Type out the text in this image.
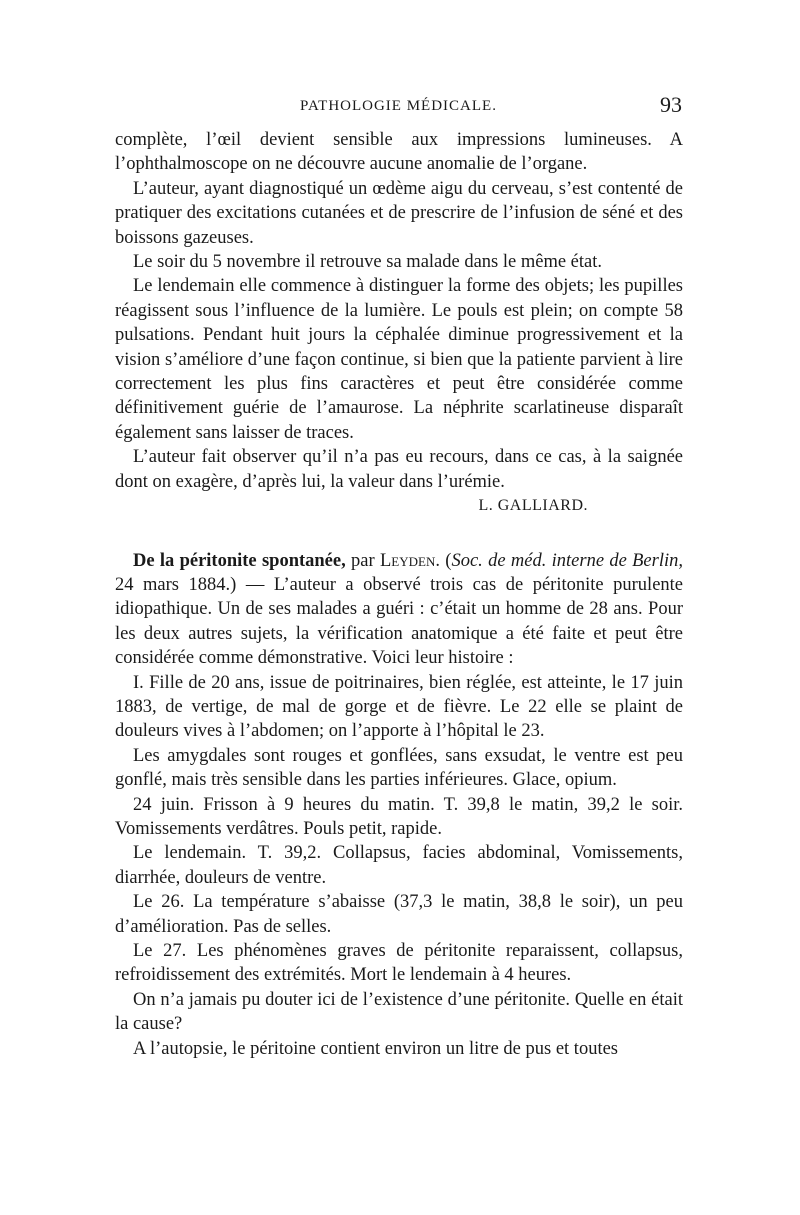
PATHOLOGIE MÉDICALE.	93

complète, l’œil devient sensible aux impressions lumineuses. A l’ophthalmoscope on ne découvre aucune anomalie de l’organe.

L’auteur, ayant diagnostiqué un œdème aigu du cerveau, s’est contenté de pratiquer des excitations cutanées et de prescrire de l’infusion de séné et des boissons gazeuses.

Le soir du 5 novembre il retrouve sa malade dans le même état.

Le lendemain elle commence à distinguer la forme des objets; les pupilles réagissent sous l’influence de la lumière. Le pouls est plein; on compte 58 pulsations. Pendant huit jours la céphalée diminue progressivement et la vision s’améliore d’une façon continue, si bien que la patiente parvient à lire correctement les plus fins caractères et peut être considérée comme définitivement guérie de l’amaurose. La néphrite scarlatineuse disparaît également sans laisser de traces.

L’auteur fait observer qu’il n’a pas eu recours, dans ce cas, à la saignée dont on exagère, d’après lui, la valeur dans l’urémie.

L. GALLIARD.

De la péritonite spontanée, par Leyden. (Soc. de méd. interne de Berlin, 24 mars 1884.) — L’auteur a observé trois cas de péritonite purulente idiopathique. Un de ses malades a guéri : c’était un homme de 28 ans. Pour les deux autres sujets, la vérification anatomique a été faite et peut être considérée comme démonstrative. Voici leur histoire :

I. Fille de 20 ans, issue de poitrinaires, bien réglée, est atteinte, le 17 juin 1883, de vertige, de mal de gorge et de fièvre. Le 22 elle se plaint de douleurs vives à l’abdomen; on l’apporte à l’hôpital le 23.

Les amygdales sont rouges et gonflées, sans exsudat, le ventre est peu gonflé, mais très sensible dans les parties inférieures. Glace, opium.

24 juin. Frisson à 9 heures du matin. T. 39,8 le matin, 39,2 le soir. Vomissements verdâtres. Pouls petit, rapide.

Le lendemain. T. 39,2. Collapsus, facies abdominal, Vomissements, diarrhée, douleurs de ventre.

Le 26. La température s’abaisse (37,3 le matin, 38,8 le soir), un peu d’amélioration. Pas de selles.

Le 27. Les phénomènes graves de péritonite reparaissent, collapsus, refroidissement des extrémités. Mort le lendemain à 4 heures.

On n’a jamais pu douter ici de l’existence d’une péritonite. Quelle en était la cause?

A l’autopsie, le péritoine contient environ un litre de pus et toutes
